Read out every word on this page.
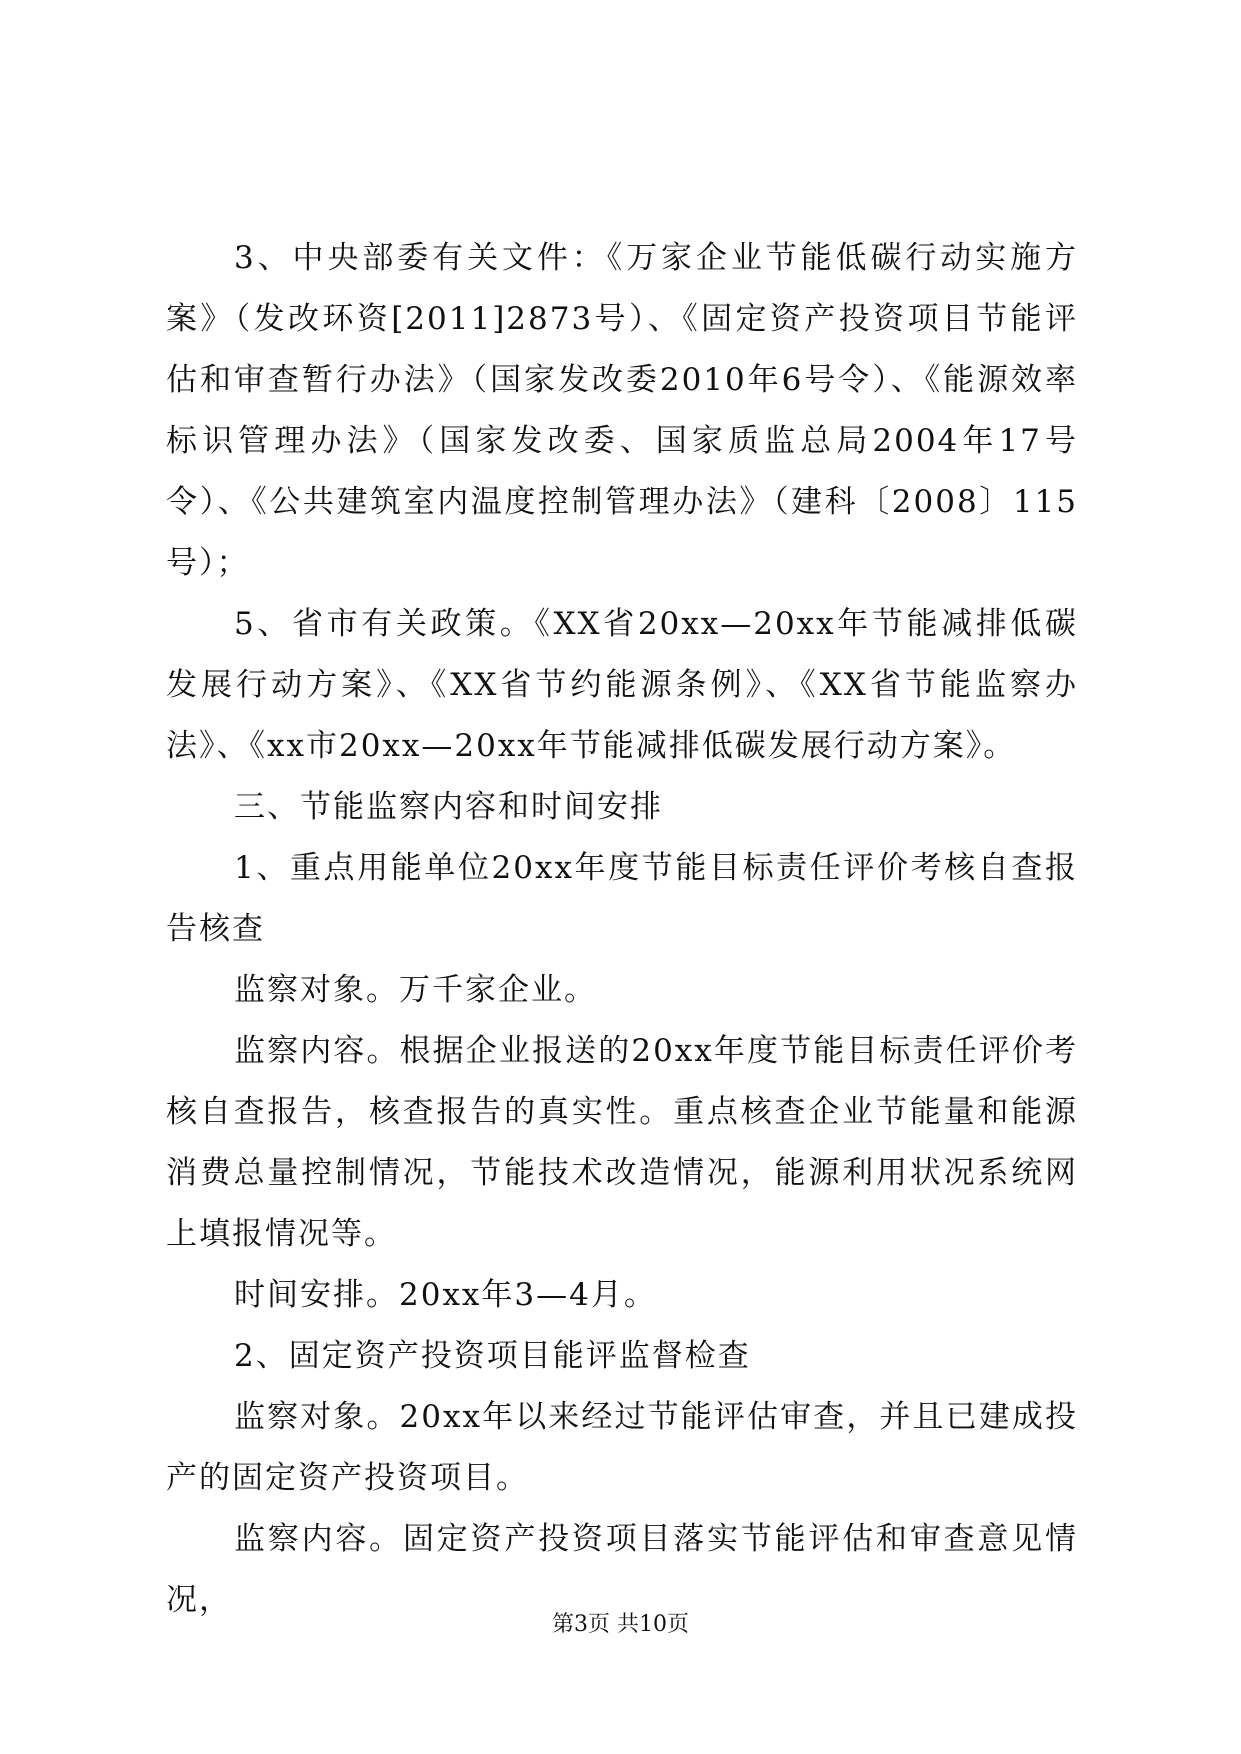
3、中央部委有关文件：《万家企业节能低碳行动实施方案》（发改环资[2011]2873号）、《固定资产投资项目节能评估和审查暂行办法》（国家发改委2010年6号令）、《能源效率标识管理办法》（国家发改委、国家质监总局2004年17号令）、《公共建筑室内温度控制管理办法》（建科〔2008〕115号）；

5、省市有关政策。《XX省20xx—20xx年节能减排低碳发展行动方案》、《XX省节约能源条例》、《XX省节能监察办法》、《xx市20xx—20xx年节能减排低碳发展行动方案》。

三、节能监察内容和时间安排

1、重点用能单位20xx年度节能目标责任评价考核自查报告核查

监察对象。万千家企业。

监察内容。根据企业报送的20xx年度节能目标责任评价考核自查报告，核查报告的真实性。重点核查企业节能量和能源消费总量控制情况，节能技术改造情况，能源利用状况系统网上填报情况等。

时间安排。20xx年3—4月。

2、固定资产投资项目能评监督检查

监察对象。20xx年以来经过节能评估审查，并且已建成投产的固定资产投资项目。

监察内容。固定资产投资项目落实节能评估和审查意见情况，

第3页 共10页
